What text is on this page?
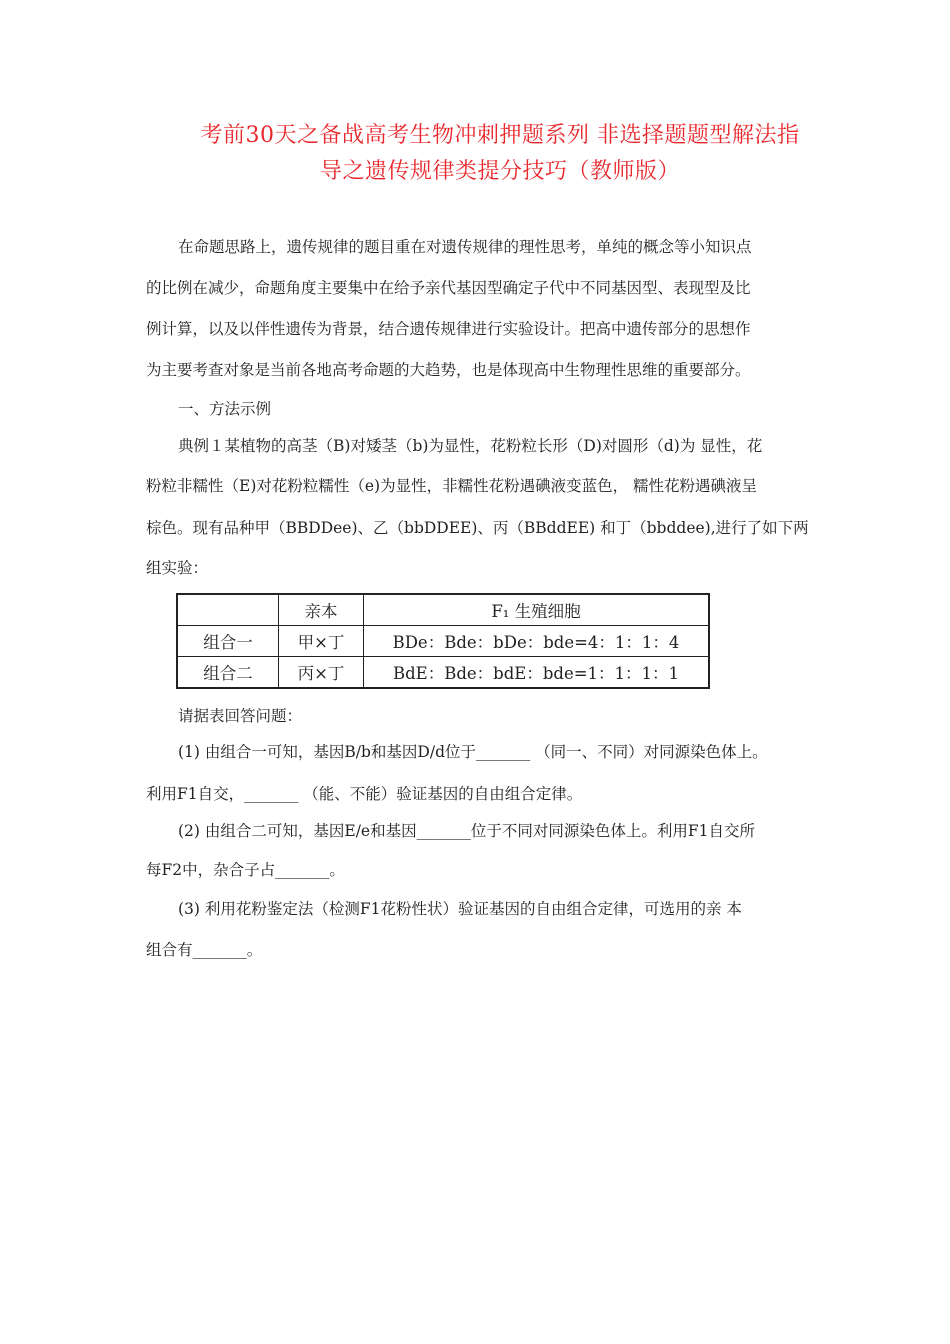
考前30天之备战高考生物冲刺押题系列 非选择题题型解法指
导之遗传规律类提分技巧（教师版）
在命题思路上，遗传规律的题目重在对遗传规律的理性思考，单纯的概念等小知识点
的比例在减少，命题角度主要集中在给予亲代基因型确定子代中不同基因型、表现型及比
例计算，以及以伴性遗传为背景，结合遗传规律进行实验设计。把高中遗传部分的思想作
为主要考查对象是当前各地高考命题的大趋势，也是体现高中生物理性思维的重要部分。
一、方法示例
典例１某植物的高茎（B)对矮茎（b)为显性，花粉粒长形（D)对圆形（d)为 显性，花
粉粒非糯性（E)对花粉粒糯性（e)为显性，非糯性花粉遇碘液变蓝色， 糯性花粉遇碘液呈
棕色。现有品种甲（BBDDee)、乙（bbDDEE)、丙（BBddEE) 和丁（bbddee),进行了如下两
组实验：
	亲本	F₁ 生殖细胞
组合一	甲×丁	BDe：Bde：bDe：bde=4：1：1：4
组合二	丙×丁	BdE：Bde：bdE：bde=1：1：1：1
请据表回答问题：
(1) 由组合一可知，基因B/b和基因D/d位于_______ （同一、不同）对同源染色体上。
利用F1自交，_______ （能、不能）验证基因的自由组合定律。
(2) 由组合二可知，基因E/e和基因_______位于不同对同源染色体上。利用F1自交所
每F2中，杂合子占_______。
(3) 利用花粉鉴定法（检测F1花粉性状）验证基因的自由组合定律，可选用的亲 本
组合有_______。
